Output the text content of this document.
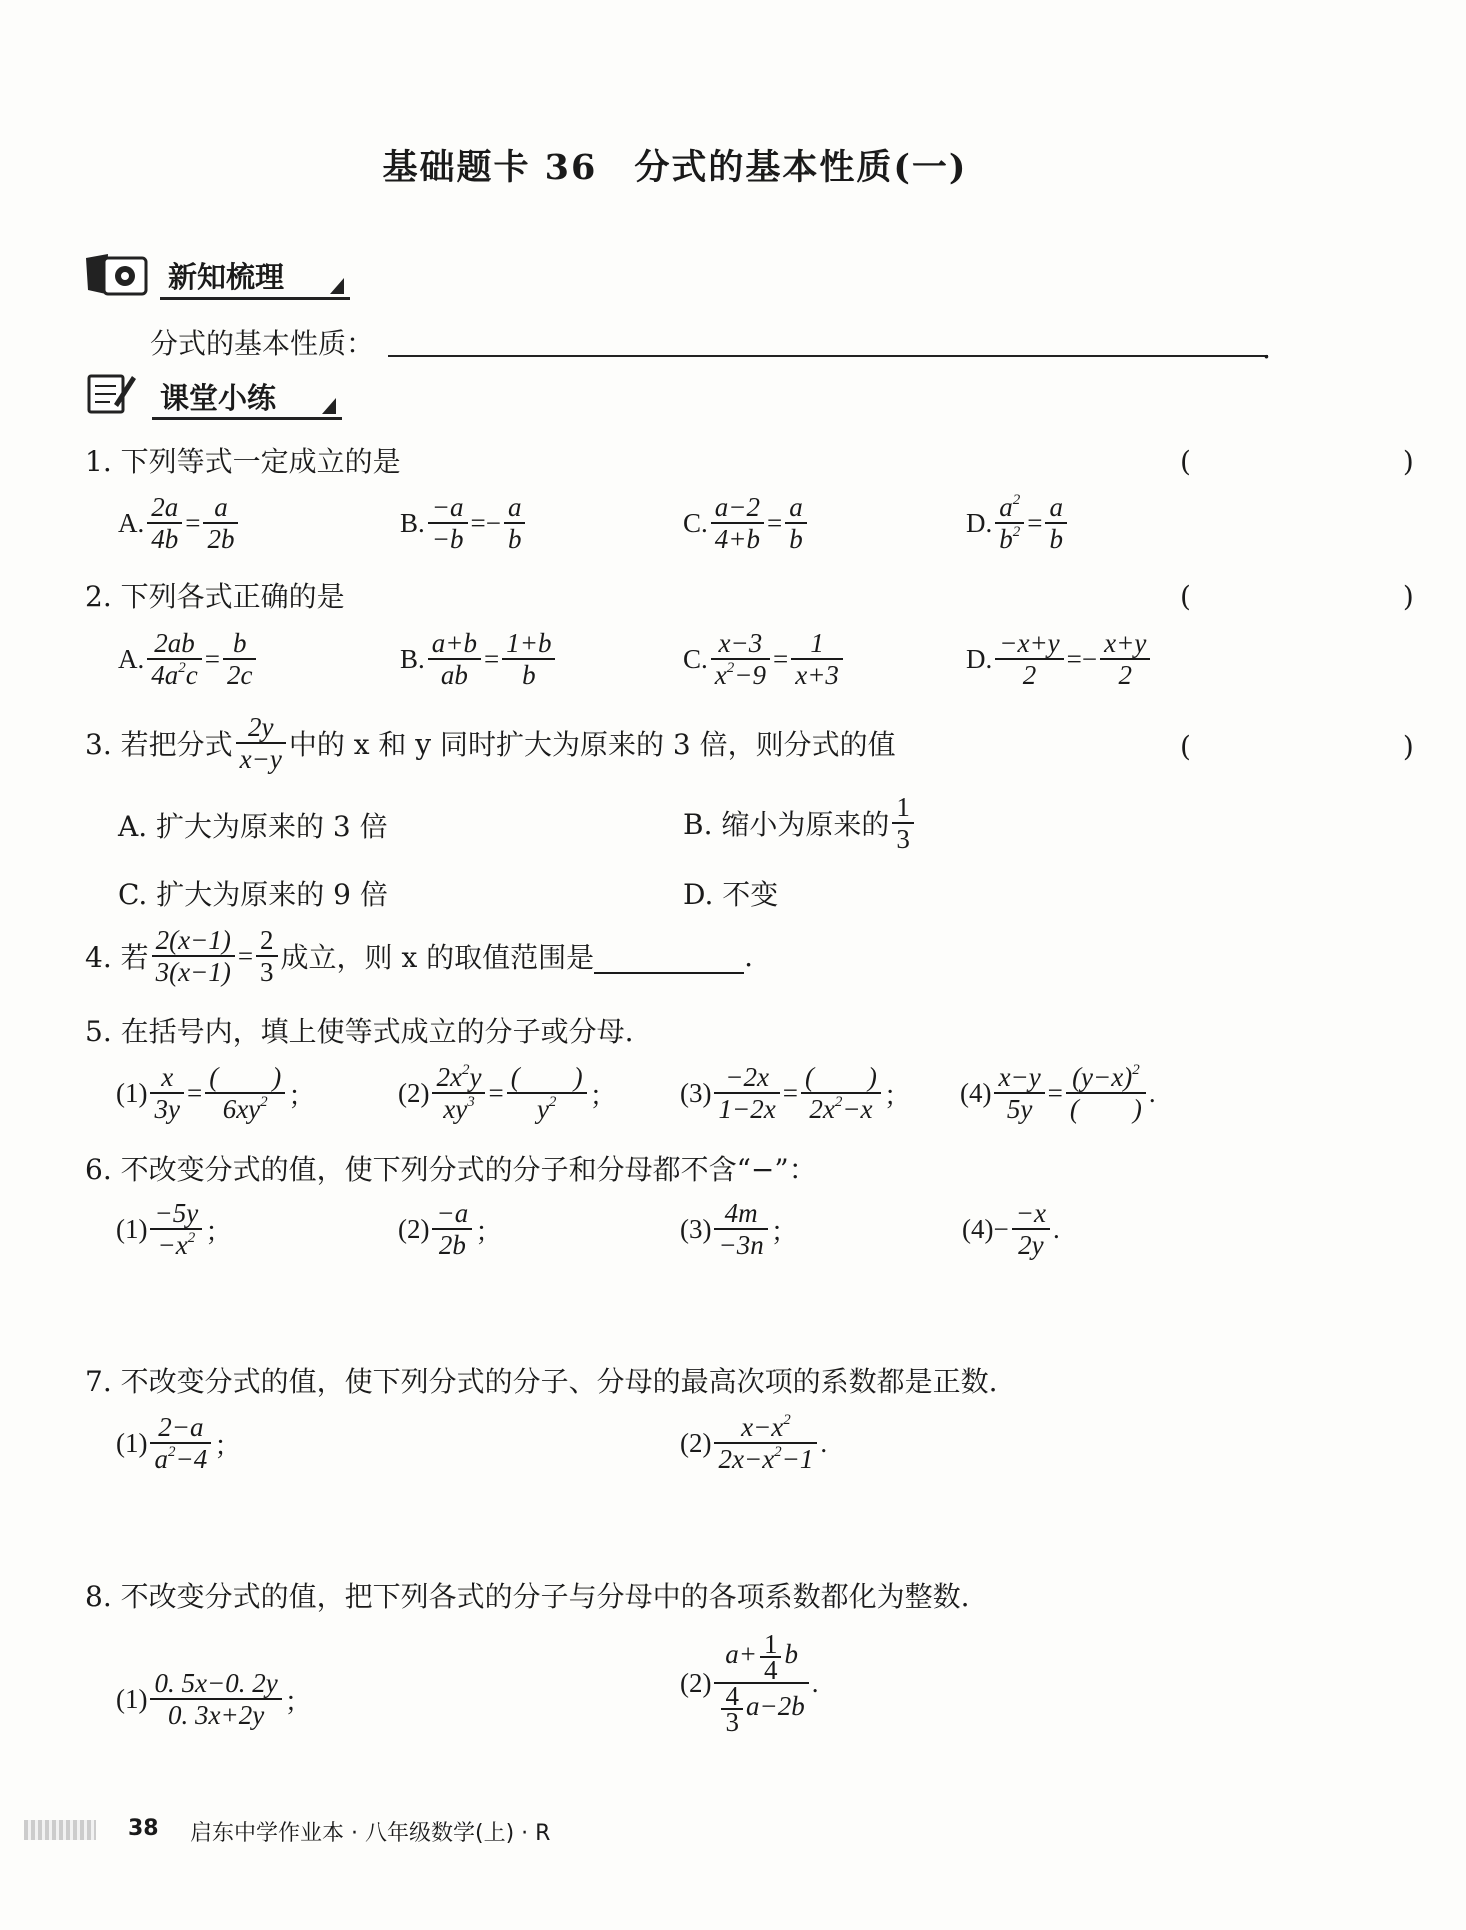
基础题卡 36　分式的基本性质(一)
新知梳理
分式的基本性质：	.
课堂小练
1. 下列等式一定成立的是	(　　)
A. $\frac{2a}{4b} = \frac{a}{2b}$	B. $\frac{-a}{-b} =- \frac{a}{b}$	C. $\frac{a-2}{4+b} = \frac{a}{b}$	D. $\frac{a^2}{b^2} = \frac{a}{b}$
2. 下列各式正确的是	(　　)
A. $\frac{2ab}{4a^2c} = \frac{b}{2c}$	B. $\frac{a+b}{ab} = \frac{1+b}{b}$	C. $\frac{x-3}{x^2-9} = \frac{1}{x+3}$	D. $\frac{-x+y}{2} =- \frac{x+y}{2}$
3. 若把分式 $\frac{2y}{x-y}$ 中的 x 和 y 同时扩大为原来的 3 倍，则分式的值	(　　)
A. 扩大为原来的 3 倍	B. 缩小为原来的 $\frac{1}{3}$
C. 扩大为原来的 9 倍	D. 不变
4. 若 $\frac{2(x-1)}{3(x-1)} = \frac{2}{3}$ 成立，则 x 的取值范围是	.
5. 在括号内，填上使等式成立的分子或分母.
$(1) \frac{x}{3y} = \frac{( )}{6xy^2}$ ；	$(2) \frac{2x^2y}{xy^3} = \frac{( )}{y^2}$ ； $(3) \frac{-2x}{1-2x} = \frac{( )}{2x^2-x}$ ； $(4) \frac{x-y}{5y} = \frac{(y-x)^2}{( )}$ .
6. 不改变分式的值，使下列分式的分子和分母都不含“−”：
$(1) \frac{-5y}{-x^2}$ ；	$(2) \frac{-a}{2b}$ ；	$(3) \frac{4m}{-3n}$ ；	$(4) - \frac{-x}{2y}$ .
7. 不改变分式的值，使下列分式的分子、分母的最高次项的系数都是正数.
$(1) \frac{2-a}{a^2-4}$ ；	$(2) \frac{x-x^2}{2x-x^2-1}$ .
8. 不改变分式的值，把下列各式的分子与分母中的各项系数都化为整数.
$(1) \frac{0. 5x-0. 2y}{0. 3x+2y}$ ；
$(2) \frac{a+ \frac{1}{4} b}{\frac{4}{3} a-2b}$ .
38 启东中学作业本 · 八年级数学(上) · R
